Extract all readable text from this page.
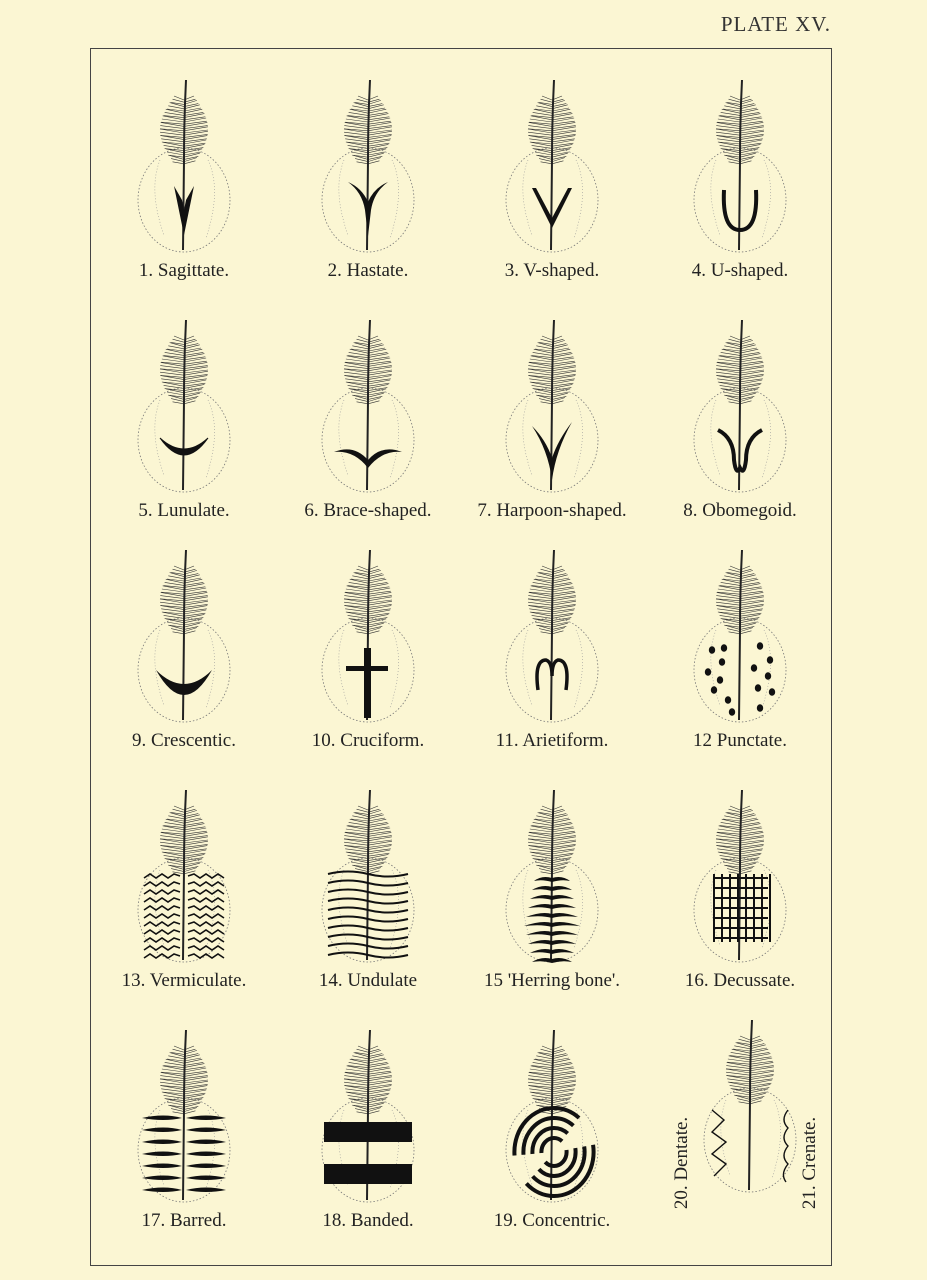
PLATE XV.
1. Sagittate.	2. Hastate.	3. V-shaped.	4. U-shaped.
5. Lunulate.	6. Brace-shaped.	7. Harpoon-shaped.	8. Obomegoid.
9. Crescentic.	10. Cruciform.	11. Arietiform.	12 Punctate.
13. Vermiculate.	14. Undulate	15 'Herring bone'.	16. Decussate.
17. Barred.	18. Banded.	19. Concentric.
20. Dentate.	21. Crenate.
